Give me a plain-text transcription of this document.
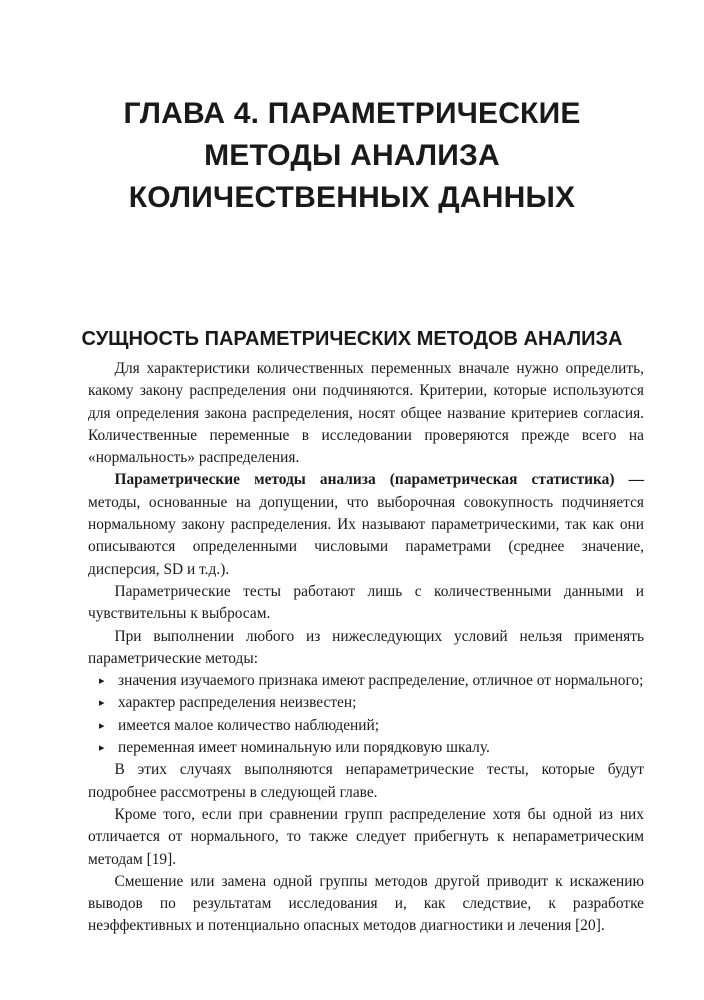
ГЛАВА 4. ПАРАМЕТРИЧЕСКИЕ
МЕТОДЫ АНАЛИЗА
КОЛИЧЕСТВЕННЫХ ДАННЫХ
СУЩНОСТЬ ПАРАМЕТРИЧЕСКИХ МЕТОДОВ АНАЛИЗА

Для характеристики количественных переменных вначале нужно определить, какому закону распределения они подчиняются. Критерии, которые используются для определения закона распределения, носят общее название критериев согласия. Количественные переменные в исследовании проверяются прежде всего на «нормальность» распределения.

Параметрические методы анализа (параметрическая статистика) — методы, основанные на допущении, что выборочная совокупность подчиняется нормальному закону распределения. Их называют параметрическими, так как они описываются определенными числовыми параметрами (среднее значение, дисперсия, SD и т.д.).

Параметрические тесты работают лишь с количественными данными и чувствительны к выбросам.

При выполнении любого из нижеследующих условий нельзя применять параметрические методы:

▸ значения изучаемого признака имеют распределение, отличное от нормального;
▸ характер распределения неизвестен;
▸ имеется малое количество наблюдений;
▸ переменная имеет номинальную или порядковую шкалу.

В этих случаях выполняются непараметрические тесты, которые будут подробнее рассмотрены в следующей главе.

Кроме того, если при сравнении групп распределение хотя бы одной из них отличается от нормального, то также следует прибегнуть к непараметрическим методам [19].

Смешение или замена одной группы методов другой приводит к искажению выводов по результатам исследования и, как следствие, к разработке неэффективных и потенциально опасных методов диагностики и лечения [20].
